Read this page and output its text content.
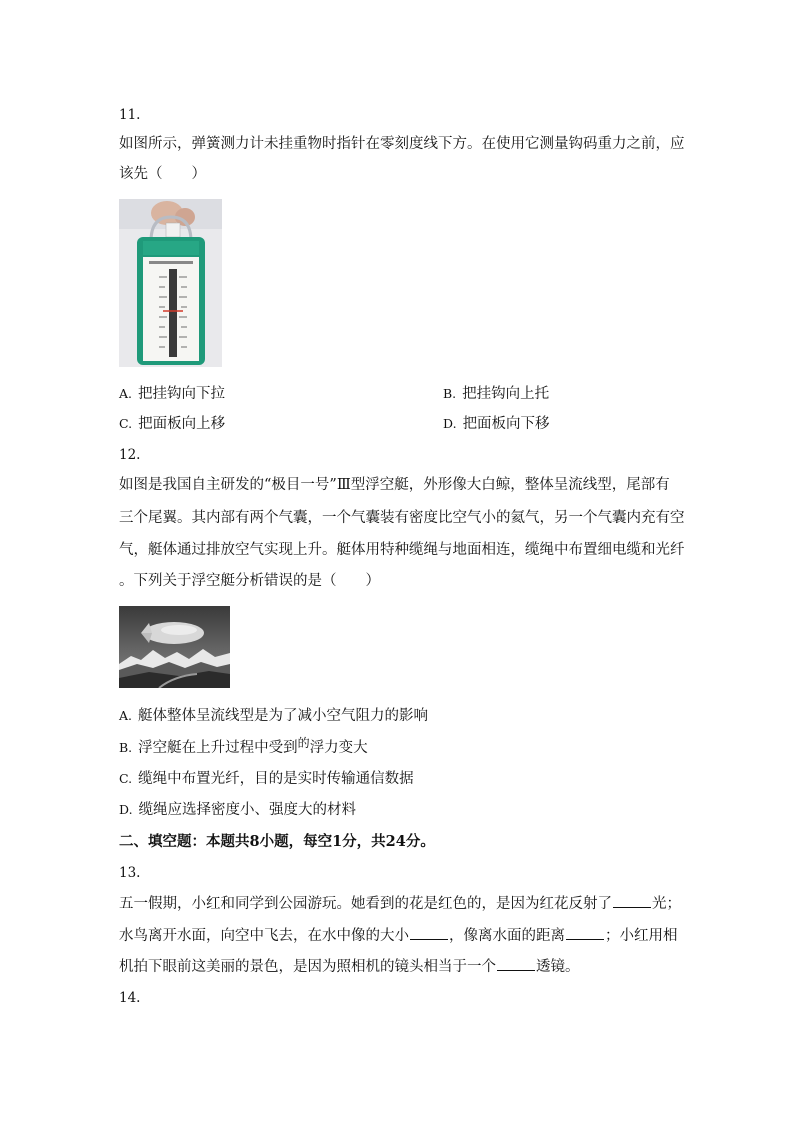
11.
如图所示，弹簧测力计未挂重物时指针在零刻度线下方。在使用它测量钩码重力之前，应
该先（　　）
A. 把挂钩向下拉	B. 把挂钩向上托
C. 把面板向上移	D. 把面板向下移
12.
如图是我国自主研发的“极目一号”Ⅲ型浮空艇，外形像大白鲸，整体呈流线型，尾部有
三个尾翼。其内部有两个气囊，一个气囊装有密度比空气小的氦气，另一个气囊内充有空
气，艇体通过排放空气实现上升。艇体用特种缆绳与地面相连，缆绳中布置细电缆和光纤
。下列关于浮空艇分析错误的是（　　）
A. 艇体整体呈流线型是为了减小空气阻力的影响
B. 浮空艇在上升过程中受到$^的$浮力变大
C. 缆绳中布置光纤，目的是实时传输通信数据
D. 缆绳应选择密度小、强度大的材料
二、填空题：本题共8小题，每空1分，共24分。
13.
五一假期，小红和同学到公园游玩。她看到的花是红色的，是因为红花反射了	光；
水鸟离开水面，向空中飞去，在水中像的大小	，像离水面的距离	；小红用相
机拍下眼前这美丽的景色，是因为照相机的镜头相当于一个	透镜。
14.
